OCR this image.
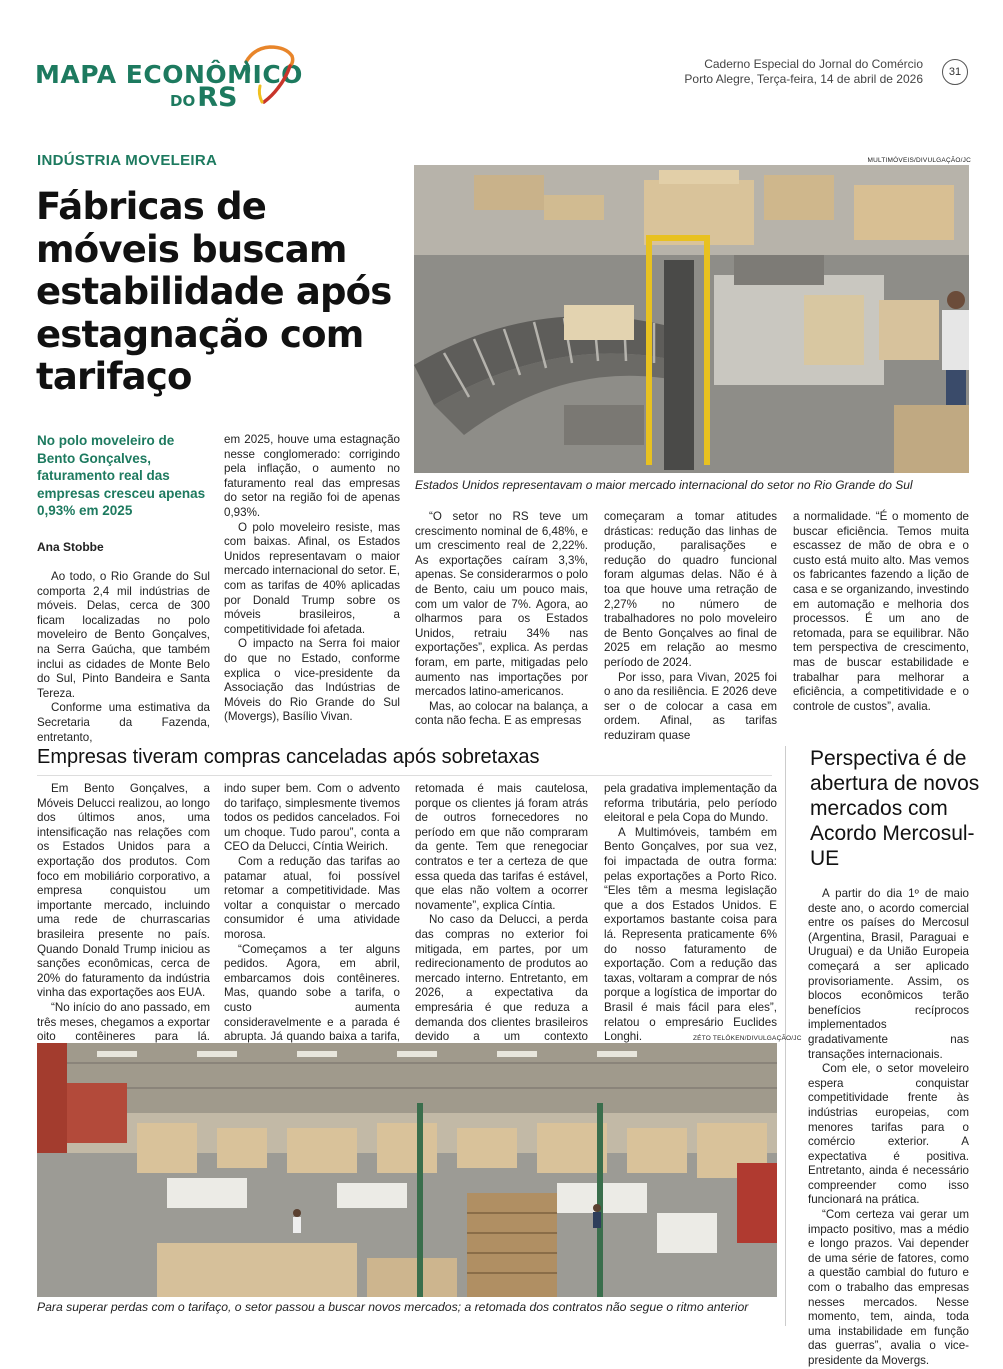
MAPA ECONÔMICO
DORS
Caderno Especial do Jornal do Comércio
Porto Alegre, Terça-feira, 14 de abril de 2026	31
INDÚSTRIA MOVELEIRA
Fábricas de móveis buscam estabilidade após estagnação com tarifaço
No polo moveleiro de Bento Gonçalves, faturamento real das empresas cresceu apenas 0,93% em 2025
Ana Stobbe
MULTIMÓVEIS/DIVULGAÇÃO/JC
Estados Unidos representavam o maior mercado internacional do setor no Rio Grande do Sul

Ao todo, o Rio Grande do Sul comporta 2,4 mil indústrias de móveis. Delas, cerca de 300 ficam localizadas no polo moveleiro de Bento Gonçalves, na Serra Gaúcha, que também inclui as cidades de Monte Belo do Sul, Pinto Bandeira e Santa Tereza.

Conforme uma estimativa da Secretaria da Fazenda, entretanto,

em 2025, houve uma estagnação nesse conglomerado: corrigindo pela inflação, o aumento no faturamento real das empresas do setor na região foi de apenas 0,93%.

O polo moveleiro resiste, mas com baixas. Afinal, os Estados Unidos representavam o maior mercado internacional do setor. E, com as tarifas de 40% aplicadas por Donald Trump sobre os móveis brasileiros, a competitividade foi afetada.

O impacto na Serra foi maior do que no Estado, conforme explica o vice-presidente da Associação das Indústrias de Móveis do Rio Grande do Sul (Movergs), Basílio Vivan.

“O setor no RS teve um crescimento nominal de 6,48%, e um crescimento real de 2,22%. As exportações caíram 3,3%, apenas. Se considerarmos o polo de Bento, caiu um pouco mais, com um valor de 7%. Agora, ao olharmos para os Estados Unidos, retraiu 34% nas exportações”, explica. As perdas foram, em parte, mitigadas pelo aumento nas importações por mercados latino-americanos.

Mas, ao colocar na balança, a conta não fecha. E as empresas

começaram a tomar atitudes drásticas: redução das linhas de produção, paralisações e redução do quadro funcional foram algumas delas. Não é à toa que houve uma retração de 2,27% no número de trabalhadores no polo moveleiro de Bento Gonçalves ao final de 2025 em relação ao mesmo período de 2024.

Por isso, para Vivan, 2025 foi o ano da resiliência. E 2026 deve ser o de colocar a casa em ordem. Afinal, as tarifas reduziram quase

a normalidade. “É o momento de buscar eficiência. Temos muita escassez de mão de obra e o custo está muito alto. Mas vemos os fabricantes fazendo a lição de casa e se organizando, investindo em automação e melhoria dos processos. É um ano de retomada, para se equilibrar. Não tem perspectiva de crescimento, mas de buscar estabilidade e trabalhar para melhorar a eficiência, a competitividade e o controle de custos”, avalia.

Empresas tiveram compras canceladas após sobretaxas

Em Bento Gonçalves, a Móveis Delucci realizou, ao longo dos últimos anos, uma intensificação nas relações com os Estados Unidos para a exportação dos produtos. Com foco em mobiliário corporativo, a empresa conquistou um importante mercado, incluindo uma rede de churrascarias brasileira presente no país. Quando Donald Trump iniciou as sanções econômicas, cerca de 20% do faturamento da indústria vinha das exportações aos EUA.

“No início do ano passado, em três meses, chegamos a exportar oito contêineres para lá.

indo super bem. Com o advento do tarifaço, simplesmente tivemos todos os pedidos cancelados. Foi um choque. Tudo parou”, conta a CEO da Delucci, Cíntia Weirich.

Com a redução das tarifas ao patamar atual, foi possível retomar a competitividade. Mas voltar a conquistar o mercado consumidor é uma atividade morosa.

“Começamos a ter alguns pedidos. Agora, em abril, embarcamos dois contêineres. Mas, quando sobe a tarifa, o custo aumenta consideravelmente e a parada é abrupta. Já quando baixa a tarifa,

retomada é mais cautelosa, porque os clientes já foram atrás de outros fornecedores no período em que não compraram da gente. Tem que renegociar contratos e ter a certeza de que essa queda das tarifas é estável, que elas não voltem a ocorrer novamente”, explica Cíntia.

No caso da Delucci, a perda das compras no exterior foi mitigada, em partes, por um redirecionamento de produtos ao mercado interno. Entretanto, em 2026, a expectativa da empresária é que reduza a demanda dos clientes brasileiros devido a um contexto

pela gradativa implementação da reforma tributária, pelo período eleitoral e pela Copa do Mundo.

A Multimóveis, também em Bento Gonçalves, por sua vez, foi impactada de outra forma: pelas exportações a Porto Rico. “Eles têm a mesma legislação que a dos Estados Unidos. E exportamos bastante coisa para lá. Representa praticamente 6% do nosso faturamento de exportação. Com a redução das taxas, voltaram a comprar de nós porque a logística de importar do Brasil é mais fácil para eles”, relatou o empresário Euclides Longhi.	ZÉTO TELÖKEN/DIVULGAÇÃO/JC
Para superar perdas com o tarifaço, o setor passou a buscar novos mercados; a retomada dos contratos não segue o ritmo anterior
Perspectiva é de abertura de novos mercados com Acordo Mercosul-UE

A partir do dia 1º de maio deste ano, o acordo comercial entre os países do Mercosul (Argentina, Brasil, Paraguai e Uruguai) e da União Europeia começará a ser aplicado provisoriamente. Assim, os blocos econômicos terão benefícios recíprocos implementados gradativamente nas transações internacionais.

Com ele, o setor moveleiro espera conquistar competitividade frente às indústrias europeias, com menores tarifas para o comércio exterior. A expectativa é positiva. Entretanto, ainda é necessário compreender como isso funcionará na prática.

“Com certeza vai gerar um impacto positivo, mas a médio e longo prazos. Vai depender de uma série de fatores, como a questão cambial do futuro e com o trabalho das empresas nesses mercados. Nesse momento, tem, ainda, toda uma instabilidade em função das guerras”, avalia o vice-presidente da Movergs.
